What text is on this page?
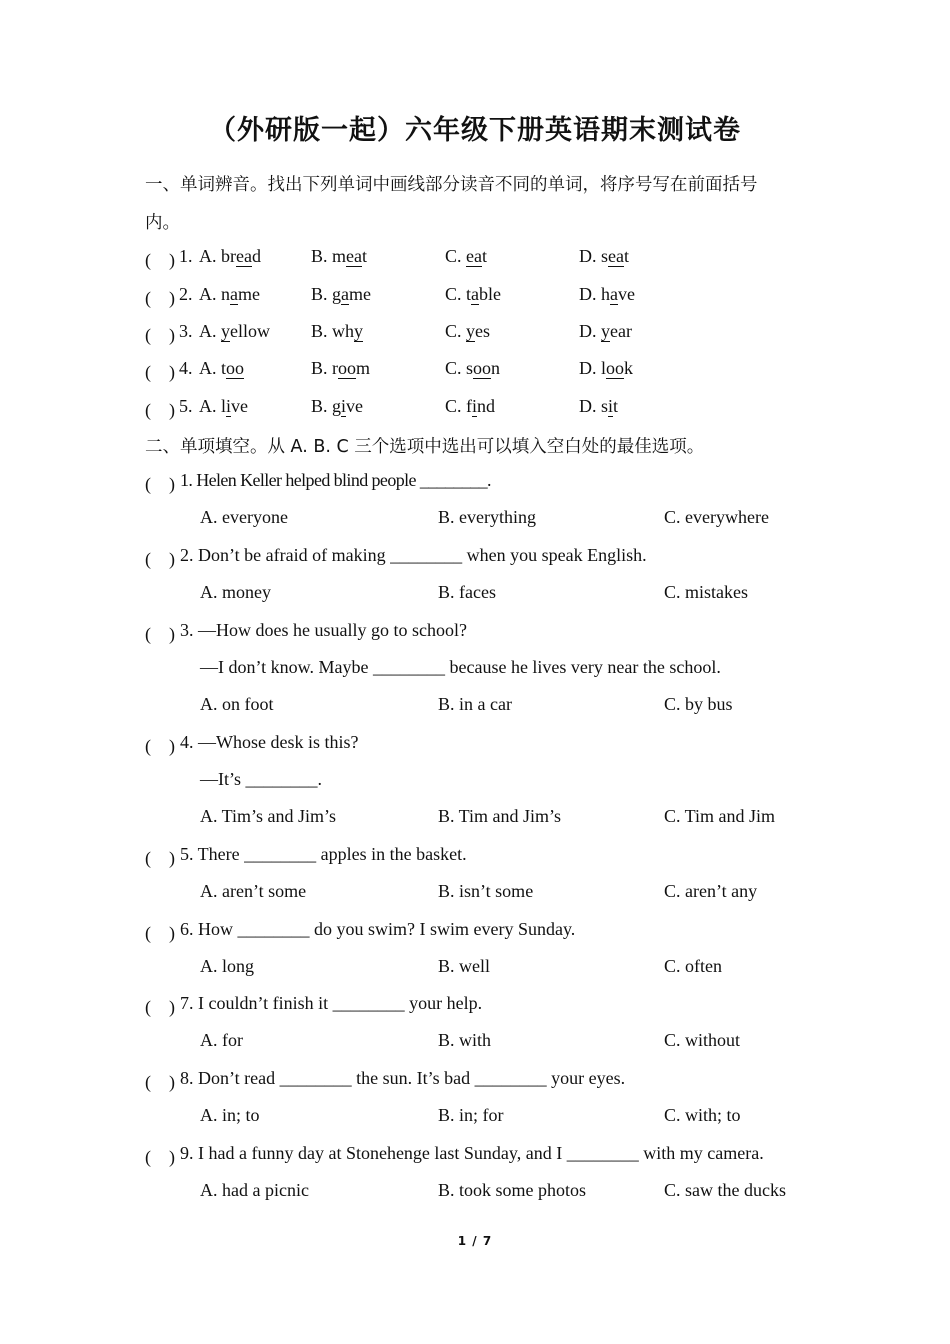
（外研版一起）六年级下册英语期末测试卷
一、单词辨音。找出下列单词中画线部分读音不同的单词，将序号写在前面括号
内。
(　) 1. A. bread	B. meat	C. eat	D. seat
(　) 2. A. name	B. game	C. table	D. have
(　) 3. A. yellow B. why	C. yes	D. year
(　) 4. A. too	B. room	C. soon	D. look
(　) 5. A. live	B. give	C. find	D. sit
二、单项填空。从 A. B. C 三个选项中选出可以填入空白处的最佳选项。
(　) 1. Helen Keller helped blind people ________.
A. everyone	B. everything	C. everywhere
(　) 2. Don’t be afraid of making ________ when you speak English.
A. money	B. faces	C. mistakes
(　) 3. —How does he usually go to school?
—I don’t know. Maybe ________ because he lives very near the school.
A. on foot	B. in a car	C. by bus
(　) 4. —Whose desk is this?
—It’s ________.
A. Tim’s and Jim’s	B. Tim and Jim’s	C. Tim and Jim
(　) 5. There ________ apples in the basket.
A. aren’t some	B. isn’t some	C. aren’t any
(　) 6. How ________ do you swim? I swim every Sunday.
A. long	B. well	C. often
(　) 7. I couldn’t finish it ________ your help.
A. for	B. with	C. without
(　) 8. Don’t read ________ the sun. It’s bad ________ your eyes.
A. in; to	B. in; for	C. with; to
(　) 9. I had a funny day at Stonehenge last Sunday, and I ________ with my camera.
A. had a picnic	B. took some photos	C. saw the ducks
1 / 7
